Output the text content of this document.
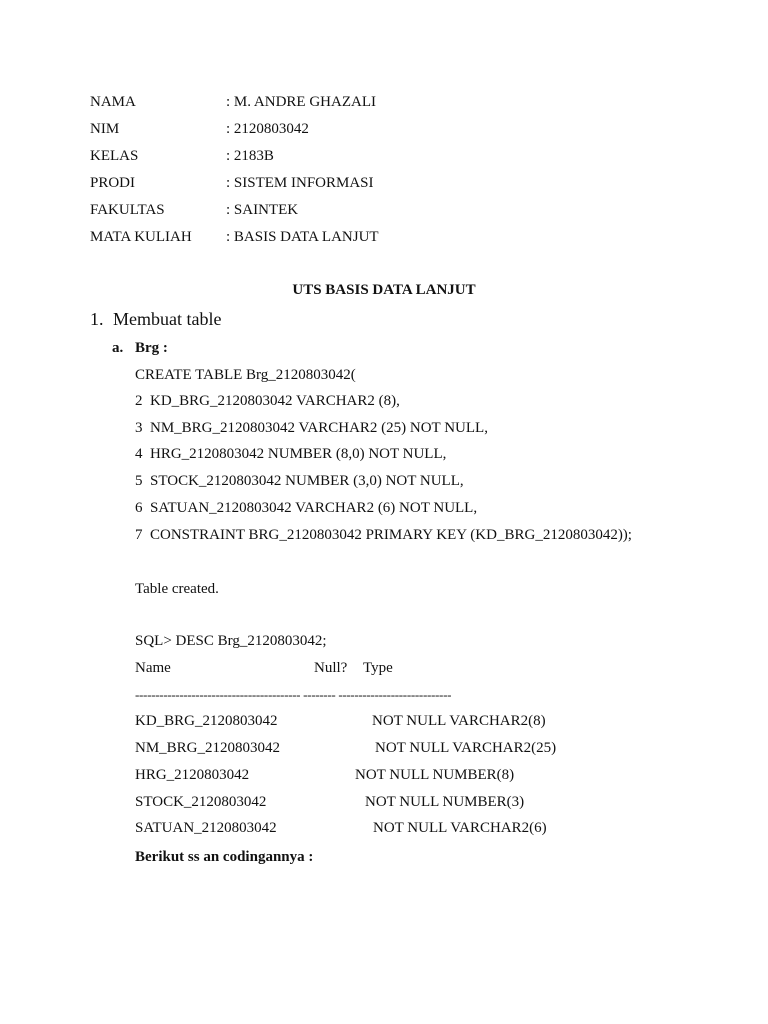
NAMA	: M. ANDRE GHAZALI
NIM	: 2120803042
KELAS	: 2183B
PRODI	: SISTEM INFORMASI
FAKULTAS	: SAINTEK
MATA KULIAH : BASIS DATA LANJUT
UTS BASIS DATA LANJUT
1. Membuat table
a. Brg :
CREATE TABLE Brg_2120803042(
2  KD_BRG_2120803042 VARCHAR2 (8),
3  NM_BRG_2120803042 VARCHAR2 (25) NOT NULL,
4  HRG_2120803042 NUMBER (8,0) NOT NULL,
5  STOCK_2120803042 NUMBER (3,0) NOT NULL,
6  SATUAN_2120803042 VARCHAR2 (6) NOT NULL,
7  CONSTRAINT BRG_2120803042 PRIMARY KEY (KD_BRG_2120803042));
Table created.
SQL> DESC Brg_2120803042;
Name	Null? Type
----------------------------------------- -------- ----------------------------
KD_BRG_2120803042	NOT NULL VARCHAR2(8)
NM_BRG_2120803042	NOT NULL VARCHAR2(25)
HRG_2120803042	NOT NULL NUMBER(8)
STOCK_2120803042	NOT NULL NUMBER(3)
SATUAN_2120803042	NOT NULL VARCHAR2(6)
Berikut ss an codingannya :
